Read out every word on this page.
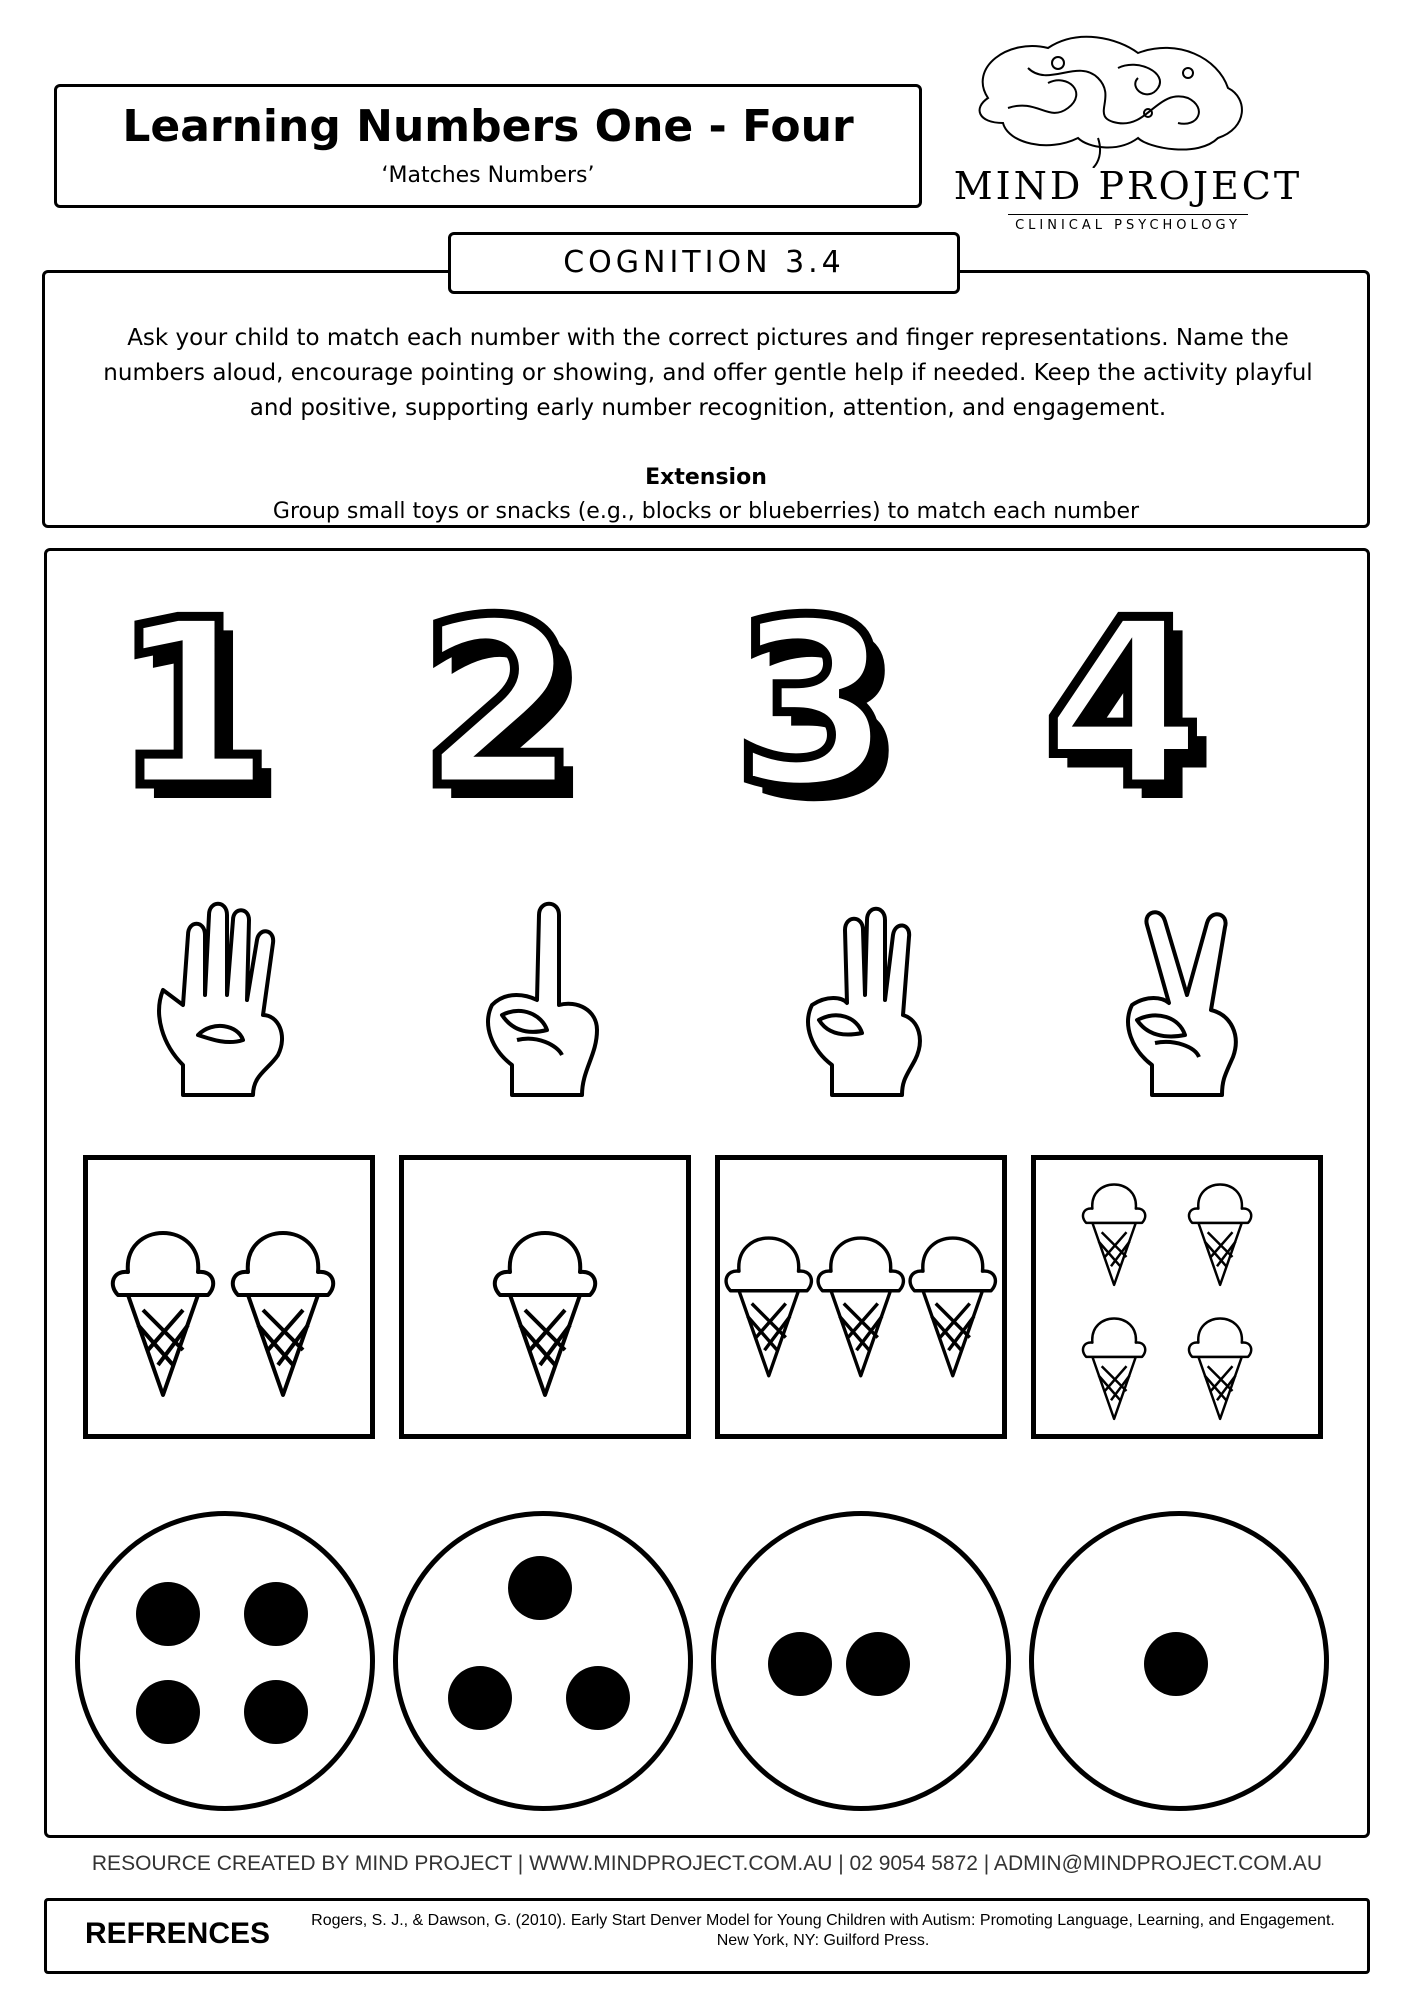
Learning Numbers One - Four
‘Matches Numbers’	MIND PROJECT
CLINICAL PSYCHOLOGY
COGNITION 3.4
Ask your child to match each number with the correct pictures and finger representations. Name the numbers aloud, encourage pointing or showing, and offer gentle help if needed. Keep the activity playful and positive, supporting early number recognition, attention, and engagement.
Extension
Group small toys or snacks (e.g., blocks or blueberries) to match each number
1 2 3 4
RESOURCE CREATED BY MIND PROJECT | WWW.MINDPROJECT.COM.AU | 02 9054 5872 | ADMIN@MINDPROJECT.COM.AU
REFRENCES	Rogers, S. J., & Dawson, G. (2010). Early Start Denver Model for Young Children with Autism: Promoting Language, Learning, and Engagement. New York, NY: Guilford Press.
